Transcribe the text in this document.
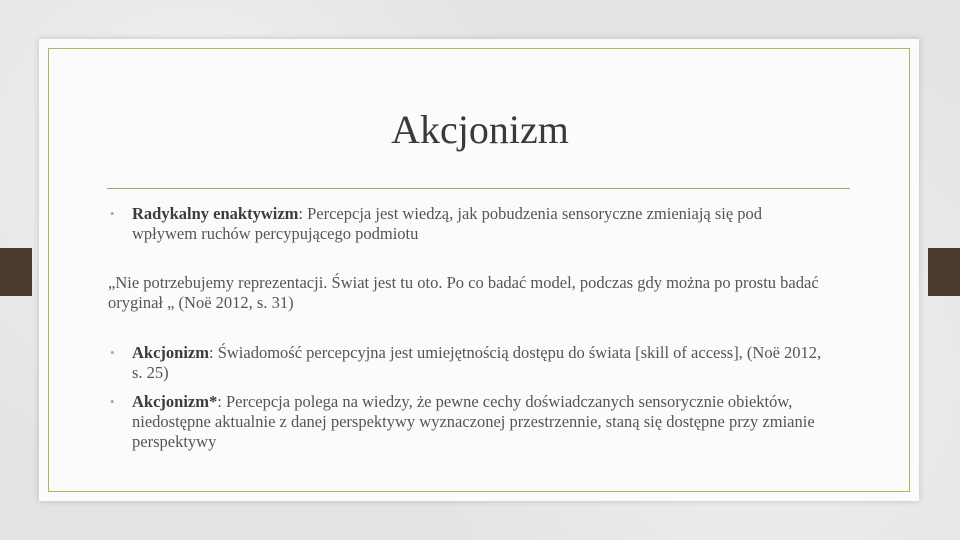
Akcjonizm
• Radykalny enaktywizm: Percepcja jest wiedzą, jak pobudzenia sensoryczne zmieniają się pod wpływem ruchów percypującego podmiotu
„Nie potrzebujemy reprezentacji. Świat jest tu oto. Po co badać model, podczas gdy można po prostu badać oryginał „ (Noë 2012, s. 31)
• Akcjonizm: Świadomość percepcyjna jest umiejętnością dostępu do świata [skill of access], (Noë 2012, s. 25)
• Akcjonizm*: Percepcja polega na wiedzy, że pewne cechy doświadczanych sensorycznie obiektów, niedostępne aktualnie z danej perspektywy wyznaczonej przestrzennie, staną się dostępne przy zmianie perspektywy
